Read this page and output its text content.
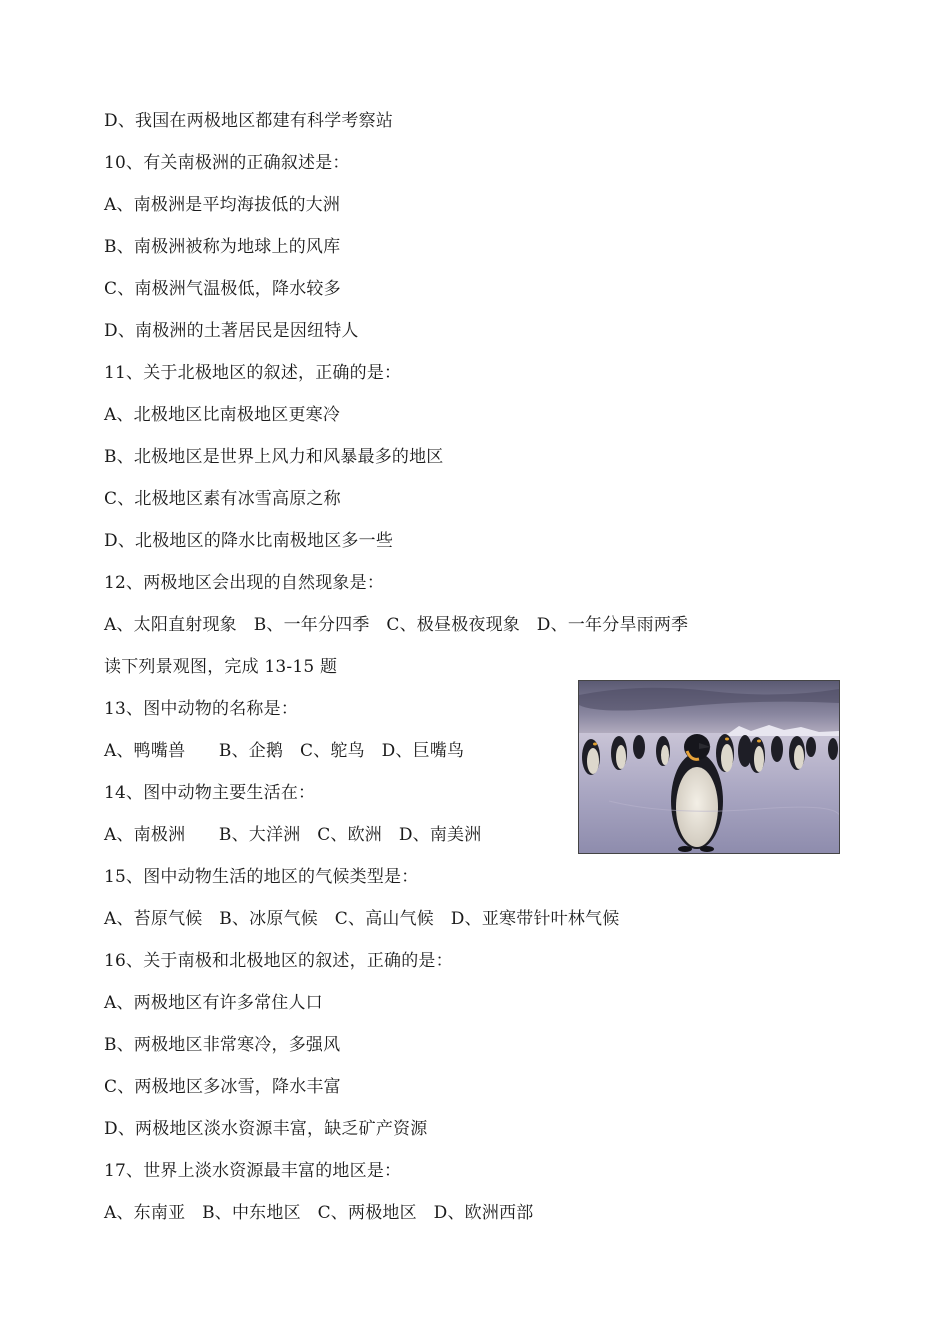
D、我国在两极地区都建有科学考察站
10、有关南极洲的正确叙述是：
A、南极洲是平均海拔低的大洲
B、南极洲被称为地球上的风库
C、南极洲气温极低，降水较多
D、南极洲的土著居民是因纽特人
11、关于北极地区的叙述，正确的是：
A、北极地区比南极地区更寒冷
B、北极地区是世界上风力和风暴最多的地区
C、北极地区素有冰雪高原之称
D、北极地区的降水比南极地区多一些
12、两极地区会出现的自然现象是：
A、太阳直射现象   B、一年分四季   C、极昼极夜现象   D、一年分旱雨两季
读下列景观图，完成 13-15 题
13、图中动物的名称是：
A、鸭嘴兽      B、企鹅   C、鸵鸟   D、巨嘴鸟
14、图中动物主要生活在：
A、南极洲      B、大洋洲   C、欧洲   D、南美洲
15、图中动物生活的地区的气候类型是：
A、苔原气候   B、冰原气候   C、高山气候   D、亚寒带针叶林气候
16、关于南极和北极地区的叙述，正确的是：
A、两极地区有许多常住人口
B、两极地区非常寒冷，多强风
C、两极地区多冰雪，降水丰富
D、两极地区淡水资源丰富，缺乏矿产资源
17、世界上淡水资源最丰富的地区是：
A、东南亚   B、中东地区   C、两极地区   D、欧洲西部
